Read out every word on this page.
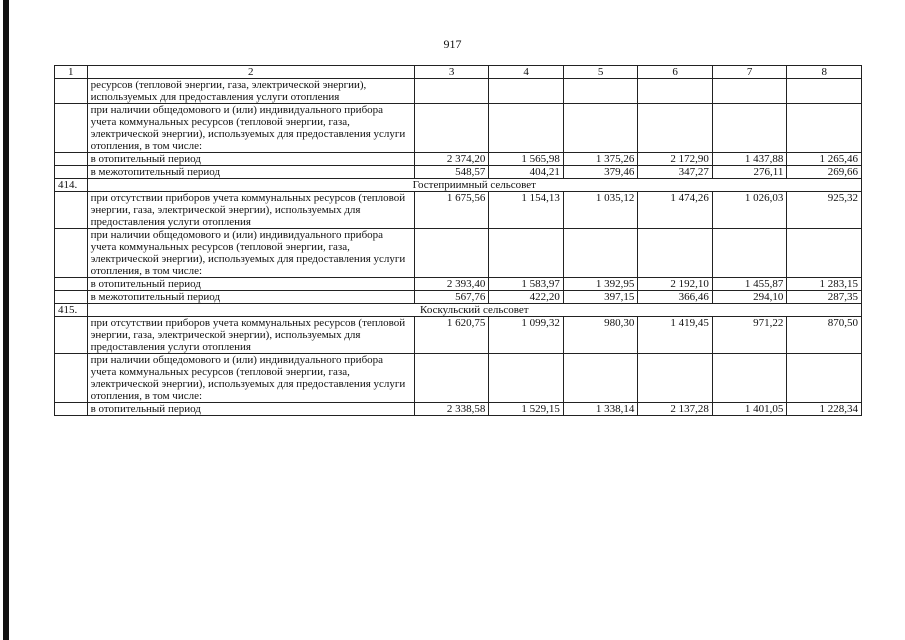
917
1	2	3	4	5	6	7	8
	ресурсов (тепловой энергии, газа, электрической энергии), используемых для предоставления услуги отопления						
	при наличии общедомового и (или) индивидуального прибора учета коммунальных ресурсов (тепловой энергии, газа, электрической энергии), используемых для предоставления услуги отопления, в том числе:						
	в отопительный период	2 374,20	1 565,98	1 375,26	2 172,90	1 437,88	1 265,46
	в межотопительный период	548,57	404,21	379,46	347,27	276,11	269,66
414.	Гостеприимный сельсовет						
	при отсутствии приборов учета коммунальных ресурсов (тепловой энергии, газа, электрической энергии), используемых для предоставления услуги отопления	1 675,56	1 154,13	1 035,12	1 474,26	1 026,03	925,32
	при наличии общедомового и (или) индивидуального прибора учета коммунальных ресурсов (тепловой энергии, газа, электрической энергии), используемых для предоставления услуги отопления, в том числе:						
	в отопительный период	2 393,40	1 583,97	1 392,95	2 192,10	1 455,87	1 283,15
	в межотопительный период	567,76	422,20	397,15	366,46	294,10	287,35
415.	Коскульский сельсовет						
	при отсутствии приборов учета коммунальных ресурсов (тепловой энергии, газа, электрической энергии), используемых для предоставления услуги отопления	1 620,75	1 099,32	980,30	1 419,45	971,22	870,50
	при наличии общедомового и (или) индивидуального прибора учета коммунальных ресурсов (тепловой энергии, газа, электрической энергии), используемых для предоставления услуги отопления, в том числе:						
	в отопительный период	2 338,58	1 529,15	1 338,14	2 137,28	1 401,05	1 228,34
